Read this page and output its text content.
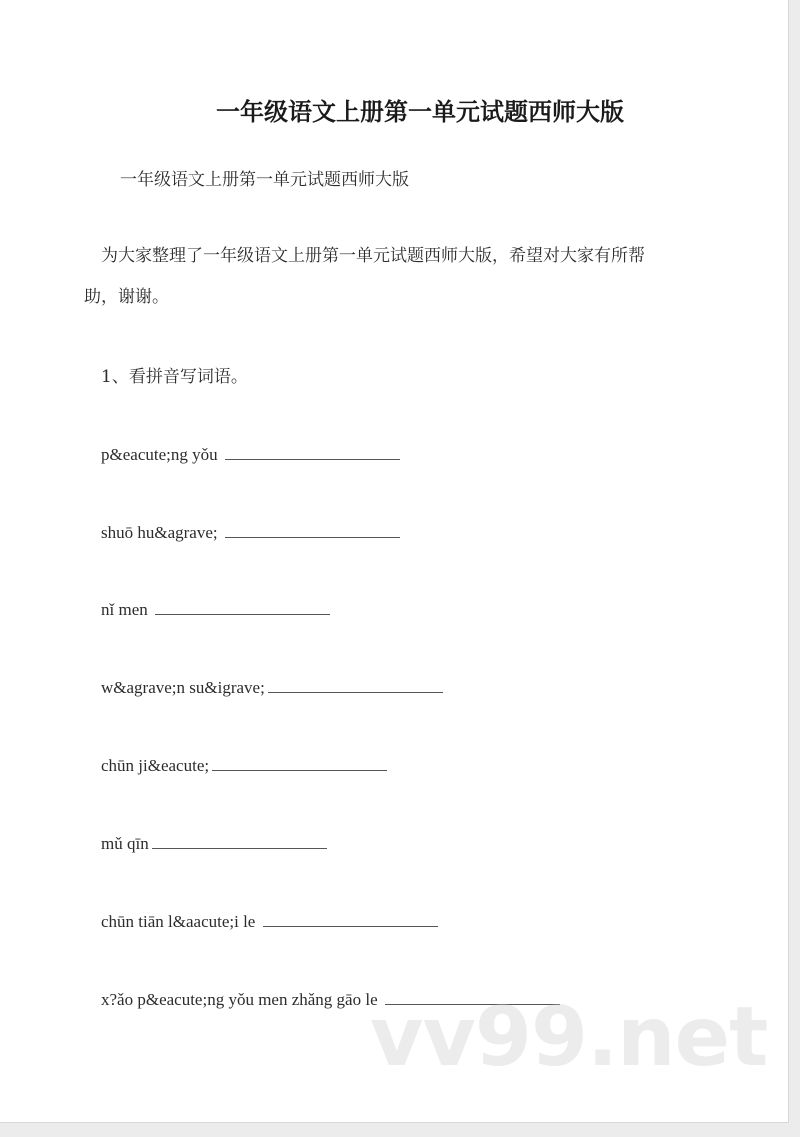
一年级语文上册第一单元试题西师大版
一年级语文上册第一单元试题西师大版
为大家整理了一年级语文上册第一单元试题西师大版，希望对大家有所帮
助，谢谢。
1、看拼音写词语。
p&eacute;ng yǒu
shuō hu&agrave;
nǐ men
w&agrave;n su&igrave;
chūn ji&eacute;
mǔ qīn
chūn tiān l&aacute;i le
x?ǎo p&eacute;ng yǒu men zhǎng gāo le
vv99.net
